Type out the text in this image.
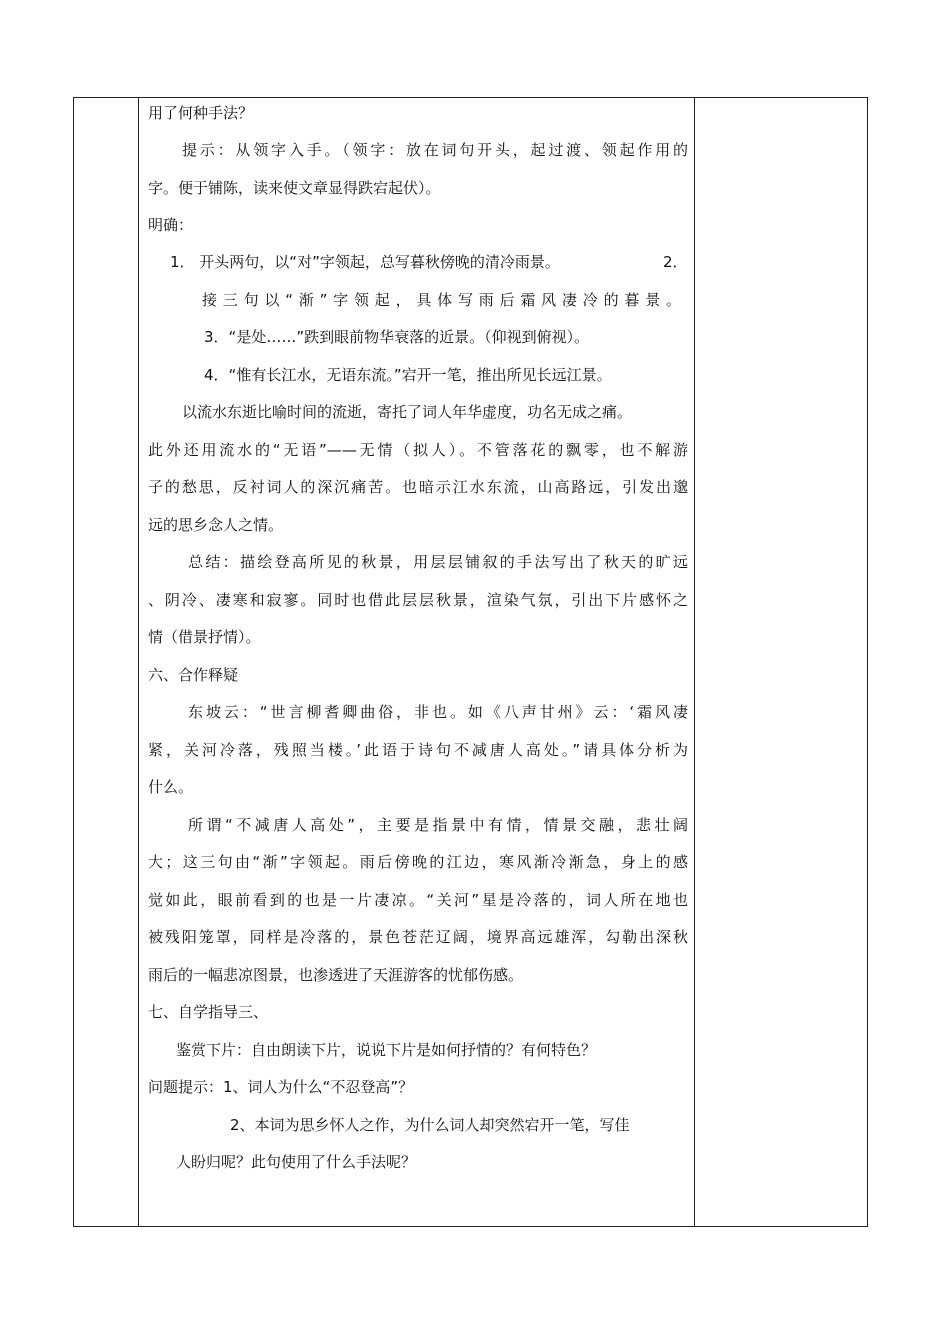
用了何种手法？
提示：从领字入手。（领字：放在词句开头，起过渡、领起作用的
字。便于铺陈，读来使文章显得跌宕起伏）。
明确：
1． 开头两句，以“对”字领起，总写暮秋傍晚的清冷雨景。	2．
接三句以“渐”字领起，具体写雨后霜风凄冷的暮景。
3．“是处……”跌到眼前物华衰落的近景。（仰视到俯视）。
4．“惟有长江水，无语东流。”宕开一笔，推出所见长远江景。
以流水东逝比喻时间的流逝，寄托了词人年华虚度，功名无成之痛。
此外还用流水的“无语”——无情（拟人）。不管落花的飘零，也不解游
子的愁思，反衬词人的深沉痛苦。也暗示江水东流，山高路远，引发出邈
远的思乡念人之情。
总结：描绘登高所见的秋景，用层层铺叙的手法写出了秋天的旷远
、阴冷、凄寒和寂寥。同时也借此层层秋景，渲染气氛，引出下片感怀之
情（借景抒情）。
六、合作释疑
东坡云：“世言柳耆卿曲俗，非也。如《八声甘州》云：‘霜风凄
紧，关河冷落，残照当楼。’此语于诗句不减唐人高处。”请具体分析为
什么。
所谓“不减唐人高处”，主要是指景中有情，情景交融，悲壮阔
大；这三句由“渐”字领起。雨后傍晚的江边，寒风渐冷渐急，身上的感
觉如此，眼前看到的也是一片凄凉。“关河”星是冷落的，词人所在地也
被残阳笼罩，同样是冷落的，景色苍茫辽阔，境界高远雄浑，勾勒出深秋
雨后的一幅悲凉图景，也渗透进了天涯游客的忧郁伤感。
七、自学指导三、
鉴赏下片：自由朗读下片，说说下片是如何抒情的？有何特色？
问题提示：1、词人为什么“不忍登高”？
2、本词为思乡怀人之作，为什么词人却突然宕开一笔，写佳
人盼归呢？此句使用了什么手法呢？
